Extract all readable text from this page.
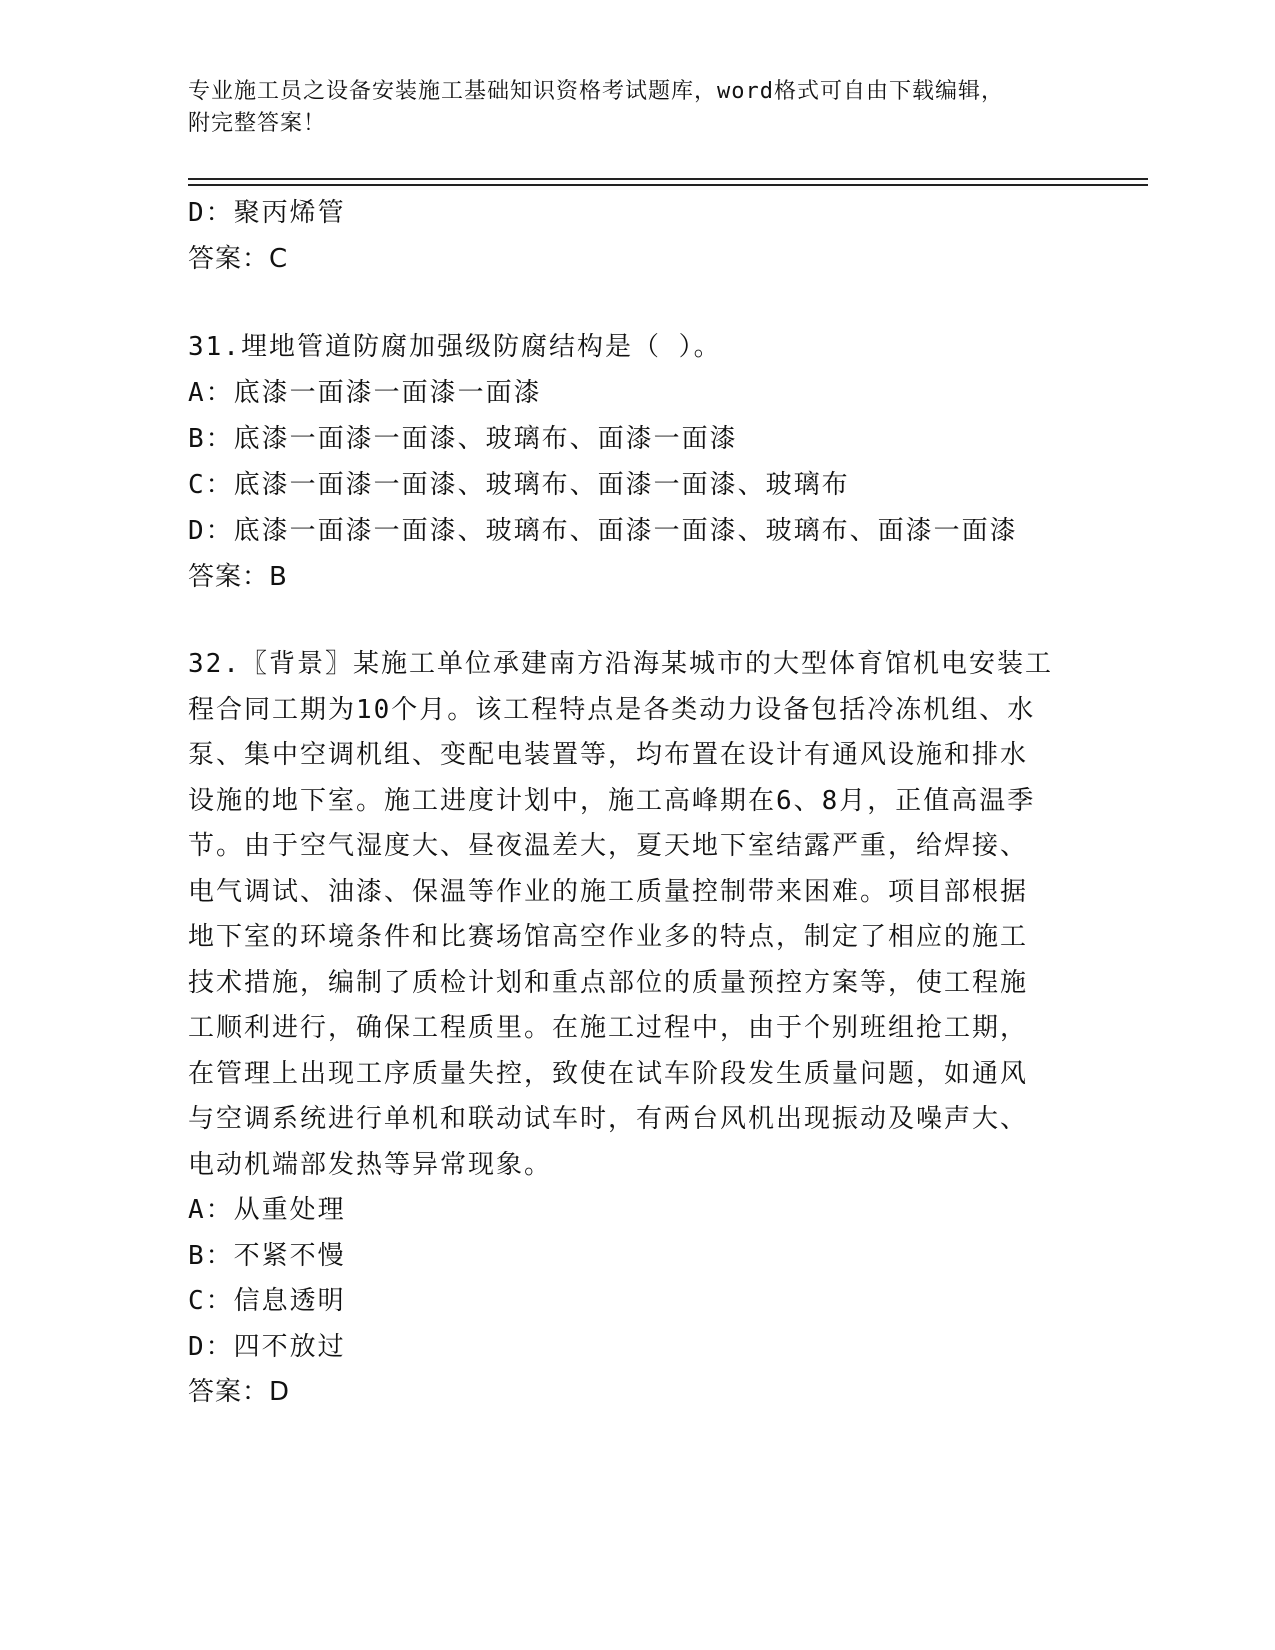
专业施工员之设备安装施工基础知识资格考试题库，word格式可自由下载编辑，
附完整答案！
D：聚丙烯管
答案：C
31.埋地管道防腐加强级防腐结构是（ ）。
A：底漆一面漆一面漆一面漆
B：底漆一面漆一面漆、玻璃布、面漆一面漆
C：底漆一面漆一面漆、玻璃布、面漆一面漆、玻璃布
D：底漆一面漆一面漆、玻璃布、面漆一面漆、玻璃布、面漆一面漆
答案：B
32.〖背景〗某施工单位承建南方沿海某城市的大型体育馆机电安装工
程合同工期为10个月。该工程特点是各类动力设备包括冷冻机组、水
泵、集中空调机组、变配电装置等，均布置在设计有通风设施和排水
设施的地下室。施工进度计划中，施工高峰期在6、8月，正值高温季
节。由于空气湿度大、昼夜温差大，夏天地下室结露严重，给焊接、
电气调试、油漆、保温等作业的施工质量控制带来困难。项目部根据
地下室的环境条件和比赛场馆高空作业多的特点，制定了相应的施工
技术措施，编制了质检计划和重点部位的质量预控方案等，使工程施
工顺利进行，确保工程质里。在施工过程中，由于个别班组抢工期，
在管理上出现工序质量失控，致使在试车阶段发生质量问题，如通风
与空调系统进行单机和联动试车时，有两台风机出现振动及噪声大、
电动机端部发热等异常现象。
A：从重处理
B：不紧不慢
C：信息透明
D：四不放过
答案：D
